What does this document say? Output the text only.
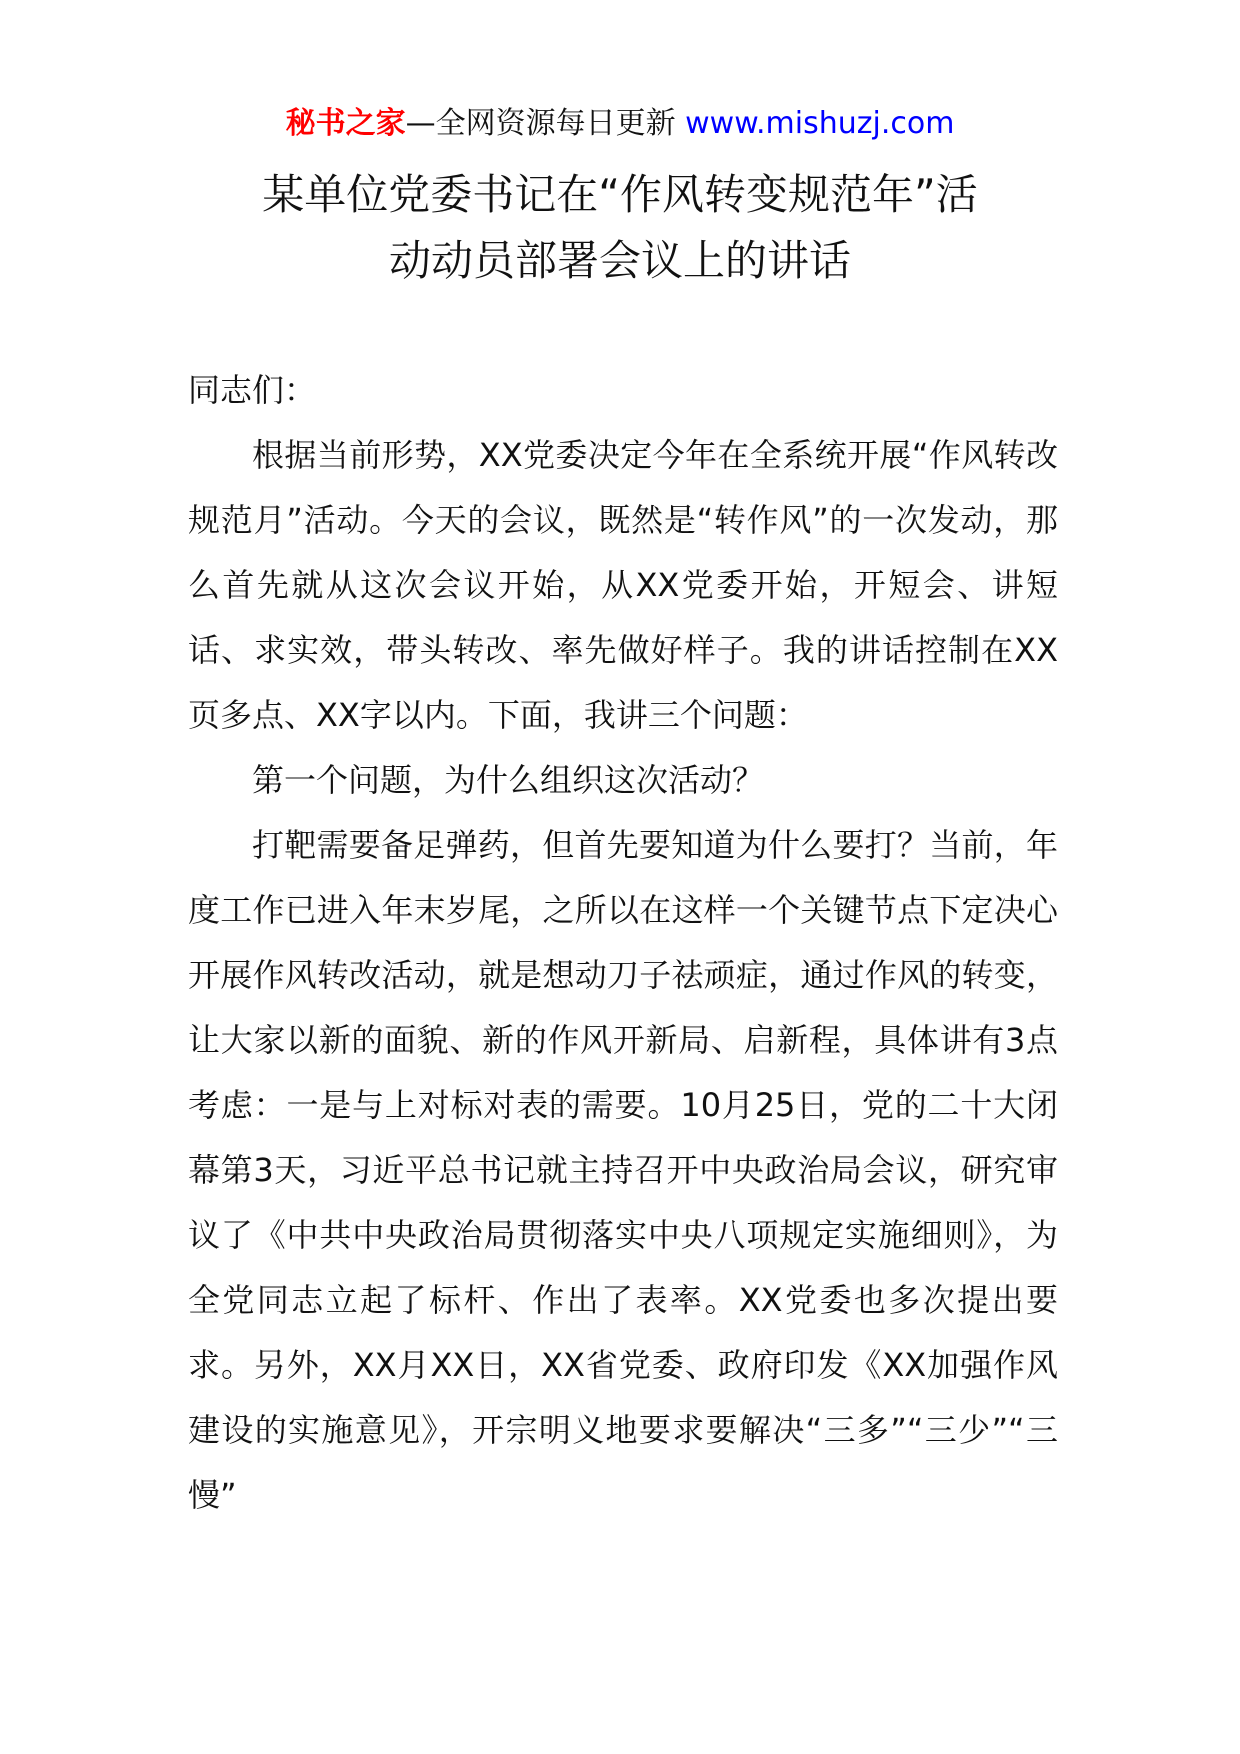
秘书之家—全网资源每日更新 www.mishuzj.com
某单位党委书记在“作风转变规范年”活
动动员部署会议上的讲话

同志们：

根据当前形势，XX党委决定今年在全系统开展“作风转改规范月”活动。今天的会议，既然是“转作风”的一次发动，那么首先就从这次会议开始，从XX党委开始，开短会、讲短话、求实效，带头转改、率先做好样子。我的讲话控制在XX页多点、XX字以内。下面，我讲三个问题：

第一个问题，为什么组织这次活动？

打靶需要备足弹药，但首先要知道为什么要打？当前，年度工作已进入年末岁尾，之所以在这样一个关键节点下定决心开展作风转改活动，就是想动刀子祛顽症，通过作风的转变，让大家以新的面貌、新的作风开新局、启新程，具体讲有3点考虑：一是与上对标对表的需要。10月25日，党的二十大闭幕第3天，习近平总书记就主持召开中央政治局会议，研究审议了《中共中央政治局贯彻落实中央八项规定实施细则》，为全党同志立起了标杆、作出了表率。XX党委也多次提出要求。另外，XX月XX日，XX省党委、政府印发《XX加强作风建设的实施意见》，开宗明义地要求要解决“三多”“三少”“三慢”
